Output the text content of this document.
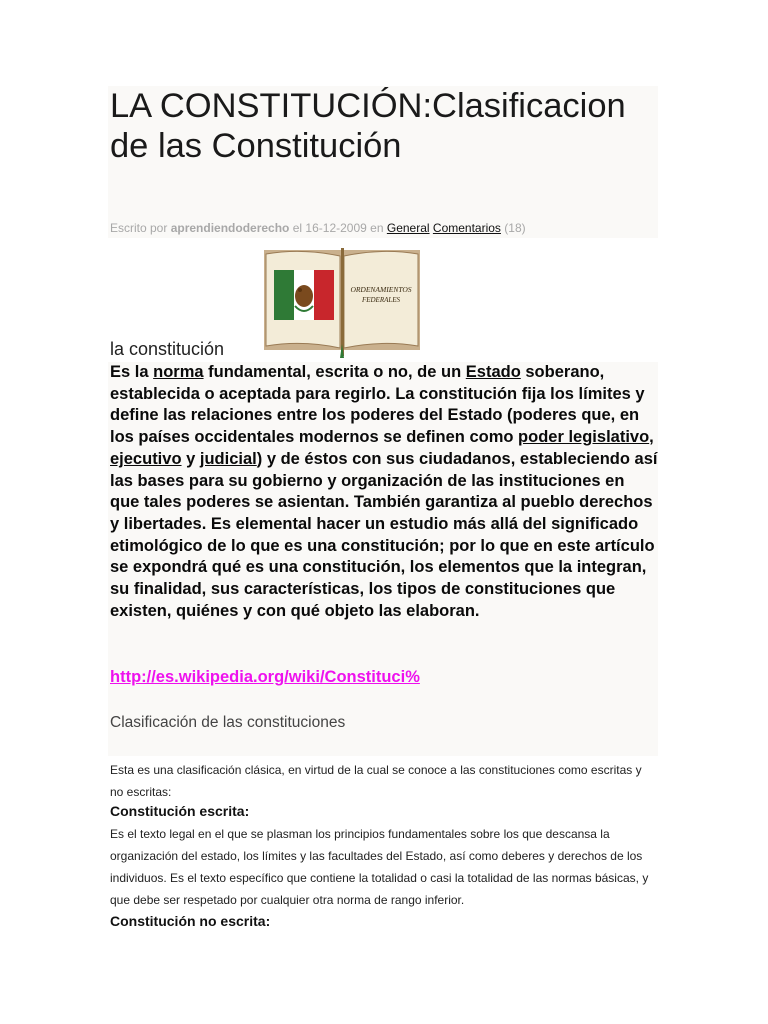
LA CONSTITUCIÓN:Clasificacion de las Constitución
Escrito por aprendiendoderecho el 16-12-2009 en General Comentarios (18)
ORDENAMIENTOS
FEDERALES
la constitución

Es la norma fundamental, escrita o no, de un Estado soberano, establecida o aceptada para regirlo. La constitución fija los límites y define las relaciones entre los poderes del Estado (poderes que, en los países occidentales modernos se definen como poder legislativo, ejecutivo y judicial) y de éstos con sus ciudadanos, estableciendo así las bases para su gobierno y organización de las instituciones en que tales poderes se asientan. También garantiza al pueblo derechos y libertades. Es elemental hacer un estudio más allá del significado etimológico de lo que es una constitución; por lo que en este artículo se expondrá qué es una constitución, los elementos que la integran, su finalidad, sus características, los tipos de constituciones que existen, quiénes y con qué objeto las elaboran.

http://es.wikipedia.org/wiki/Constituci%
Clasificación de las constituciones

Esta es una clasificación clásica, en virtud de la cual se conoce a las constituciones como escritas y no escritas:

Constitución escrita:

Es el texto legal en el que se plasman los principios fundamentales sobre los que descansa la organización del estado, los límites y las facultades del Estado, así como deberes y derechos de los individuos. Es el texto específico que contiene la totalidad o casi la totalidad de las normas básicas, y que debe ser respetado por cualquier otra norma de rango inferior.

Constitución no escrita:
